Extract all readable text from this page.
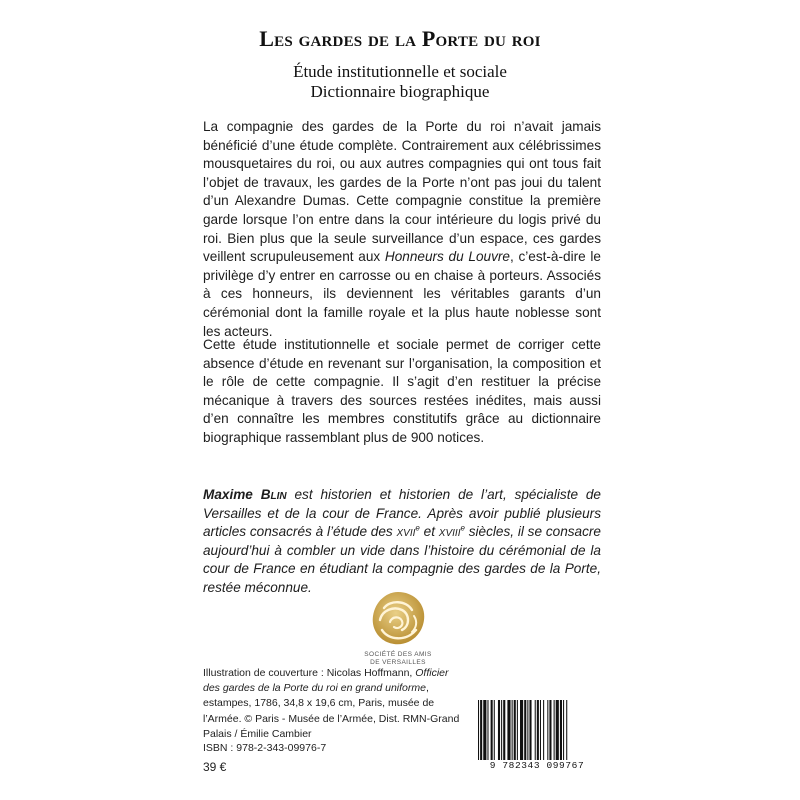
Les gardes de la Porte du roi
Étude institutionnelle et sociale
Dictionnaire biographique

La compagnie des gardes de la Porte du roi n’avait jamais bénéficié d’une étude complète. Contrairement aux célébrissimes mousquetaires du roi, ou aux autres compagnies qui ont tous fait l’objet de travaux, les gardes de la Porte n’ont pas joui du talent d’un Alexandre Dumas. Cette compagnie constitue la première garde lorsque l’on entre dans la cour intérieure du logis privé du roi. Bien plus que la seule surveillance d’un espace, ces gardes veillent scrupuleusement aux Honneurs du Louvre, c’est-à-dire le privilège d’y entrer en carrosse ou en chaise à porteurs. Associés à ces honneurs, ils deviennent les véritables garants d’un cérémonial dont la famille royale et la plus haute noblesse sont les acteurs.

Cette étude institutionnelle et sociale permet de corriger cette absence d’étude en revenant sur l’organisation, la composition et le rôle de cette compagnie. Il s’agit d’en restituer la précise mécanique à travers des sources restées inédites, mais aussi d’en connaître les membres constitutifs grâce au dictionnaire biographique rassemblant plus de 900 notices.

Maxime Blin est historien et historien de l’art, spécialiste de Versailles et de la cour de France. Après avoir publié plusieurs articles consacrés à l’étude des xvii$^e$ et xviii$^e$ siècles, il se consacre aujourd’hui à combler un vide dans l’histoire du cérémonial de la cour de France en étudiant la compagnie des gardes de la Porte, restée méconnue.

SOCIÉTÉ DES AMIS
DE VERSAILLES

Illustration de couverture : Nicolas Hoffmann, Officier des gardes de la Porte du roi en grand uniforme, estampes, 1786, 34,8 x 19,6 cm, Paris, musée de l’Armée. © Paris - Musée de l’Armée, Dist. RMN-Grand Palais / Émilie Cambier

ISBN : 978-2-343-09976-7
39 €	9 782343 099767
